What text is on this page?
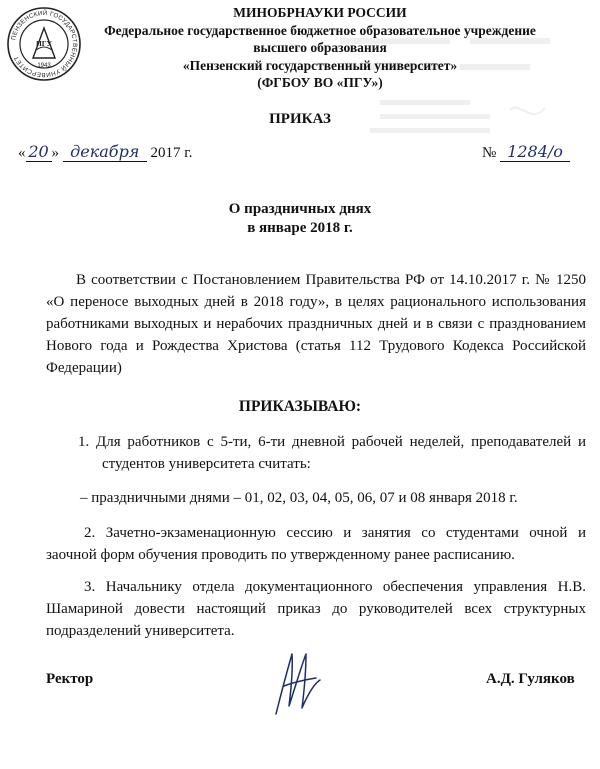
ПЕНЗЕНСКИЙ ГОСУДАРСТВЕННЫЙ УНИВЕРСИТЕТ
ПГУ
1943
МИНОБРНАУКИ РОССИИ
Федеральное государственное бюджетное образовательное учреждение
высшего образования
«Пензенский государственный университет»
(ФГБОУ ВО «ПГУ»)
ПРИКАЗ
« 20 » декабря 2017 г.	№ 1284/о
О праздничных днях
в январе 2018 г.
В соответствии с Постановлением Правительства РФ от 14.10.2017 г. № 1250 «О переносе выходных дней в 2018 году», в целях рационального использования работниками выходных и нерабочих праздничных дней и в связи с празднованием Нового года и Рождества Христова (статья 112 Трудового Кодекса Российской Федерации)
ПРИКАЗЫВАЮ:
1. Для работников с 5-ти, 6-ти дневной рабочей неделей, преподавателей и студентов университета считать:
– праздничными днями – 01, 02, 03, 04, 05, 06, 07 и 08 января 2018 г.
2. Зачетно-экзаменационную сессию и занятия со студентами очной и заочной форм обучения проводить по утвержденному ранее расписанию.
3. Начальнику отдела документационного обеспечения управления Н.В. Шамариной довести настоящий приказ до руководителей всех структурных подразделений университета.
Ректор	А.Д. Гуляков
